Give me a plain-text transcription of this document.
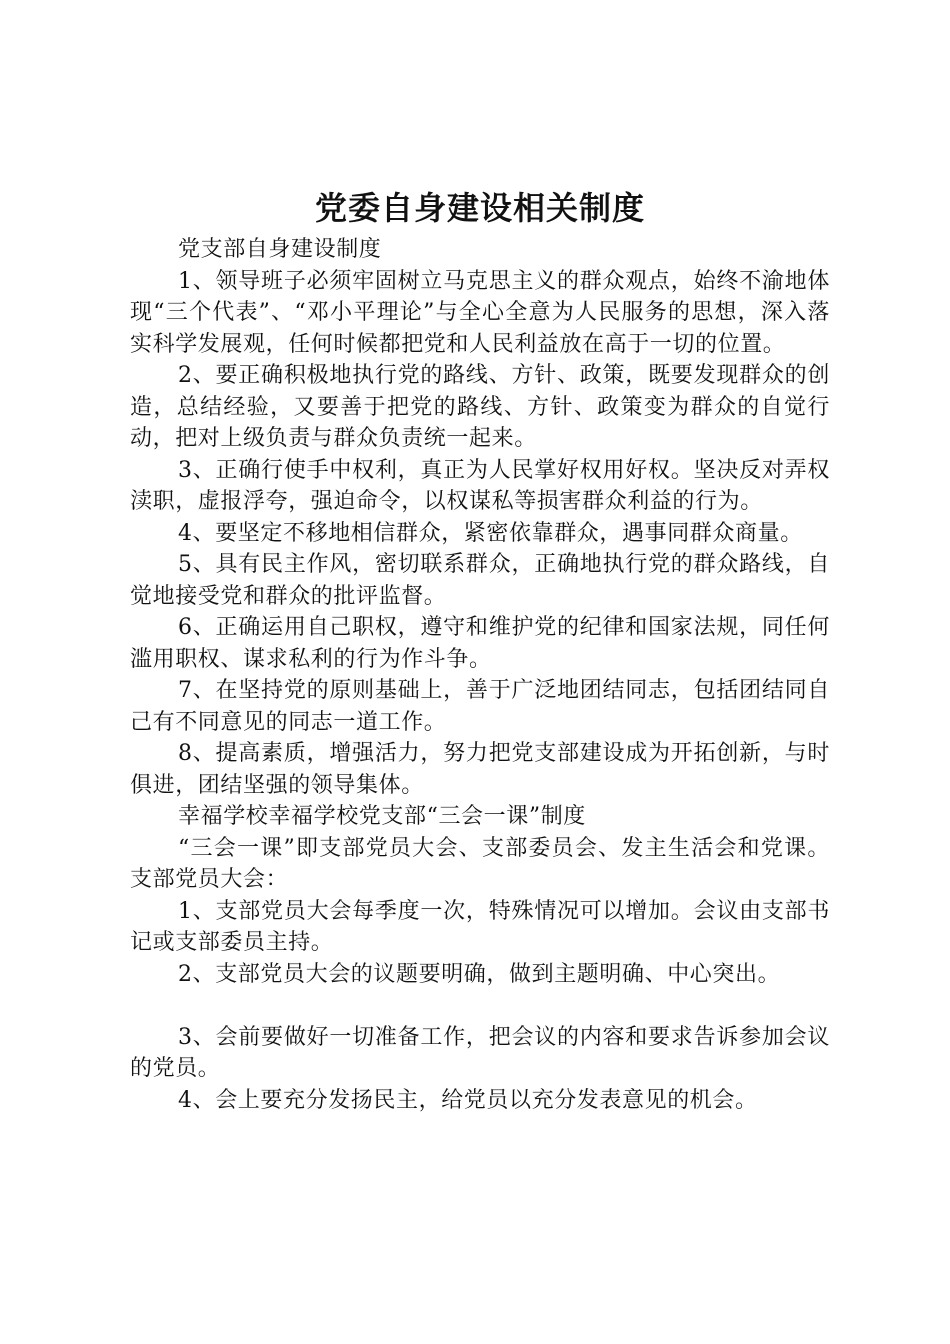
党委自身建设相关制度

党支部自身建设制度

1、领导班子必须牢固树立马克思主义的群众观点，始终不渝地体现“三个代表”、“邓小平理论”与全心全意为人民服务的思想，深入落实科学发展观，任何时候都把党和人民利益放在高于一切的位置。

2、要正确积极地执行党的路线、方针、政策，既要发现群众的创造，总结经验，又要善于把党的路线、方针、政策变为群众的自觉行动，把对上级负责与群众负责统一起来。

3、正确行使手中权利，真正为人民掌好权用好权。坚决反对弄权渎职，虚报浮夸，强迫命令，以权谋私等损害群众利益的行为。

4、要坚定不移地相信群众，紧密依靠群众，遇事同群众商量。

5、具有民主作风，密切联系群众，正确地执行党的群众路线，自觉地接受党和群众的批评监督。

6、正确运用自己职权，遵守和维护党的纪律和国家法规，同任何滥用职权、谋求私利的行为作斗争。

7、在坚持党的原则基础上，善于广泛地团结同志，包括团结同自己有不同意见的同志一道工作。

8、提高素质，增强活力，努力把党支部建设成为开拓创新，与时俱进，团结坚强的领导集体。

幸福学校幸福学校党支部“三会一课”制度

“三会一课”即支部党员大会、支部委员会、发主生活会和党课。支部党员大会：

1、支部党员大会每季度一次，特殊情况可以增加。会议由支部书记或支部委员主持。

2、支部党员大会的议题要明确，做到主题明确、中心突出。

3、会前要做好一切准备工作，把会议的内容和要求告诉参加会议的党员。

4、会上要充分发扬民主，给党员以充分发表意见的机会。
